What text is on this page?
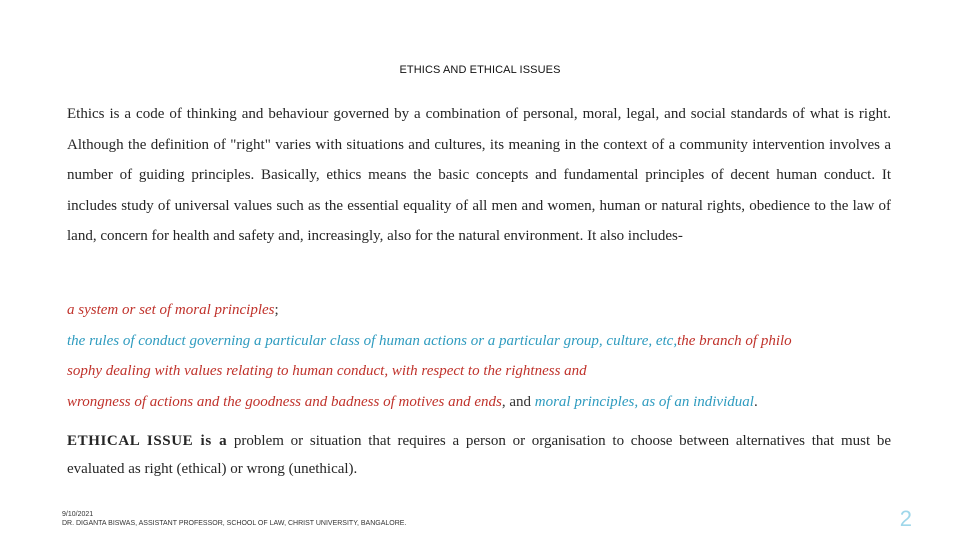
ETHICS AND ETHICAL ISSUES

Ethics is a code of thinking and behaviour governed by a combination of personal, moral, legal, and social standards of what is right. Although the definition of "right" varies with situations and cultures, its meaning in the context of a community intervention involves a number of guiding principles. Basically, ethics means the basic concepts and fundamental principles of decent human conduct. It includes study of universal values such as the essential equality of all men and women, human or natural rights, obedience to the law of land, concern for health and safety and, increasingly, also for the natural environment. It also includes-

a system or set of moral principles;
the rules of conduct governing a particular class of human actions or a particular group, culture, etc,the branch of philo
sophy dealing with values relating to human conduct, with respect to the rightness and
wrongness of actions and the goodness and badness of motives and ends, and moral principles, as of an individual.

ETHICAL ISSUE is a problem or situation that requires a person or organisation to choose between alternatives that must be evaluated as right (ethical) or wrong (unethical).

9/10/2021
DR. DIGANTA BISWAS, ASSISTANT PROFESSOR, SCHOOL OF LAW, CHRIST UNIVERSITY, BANGALORE.	2
